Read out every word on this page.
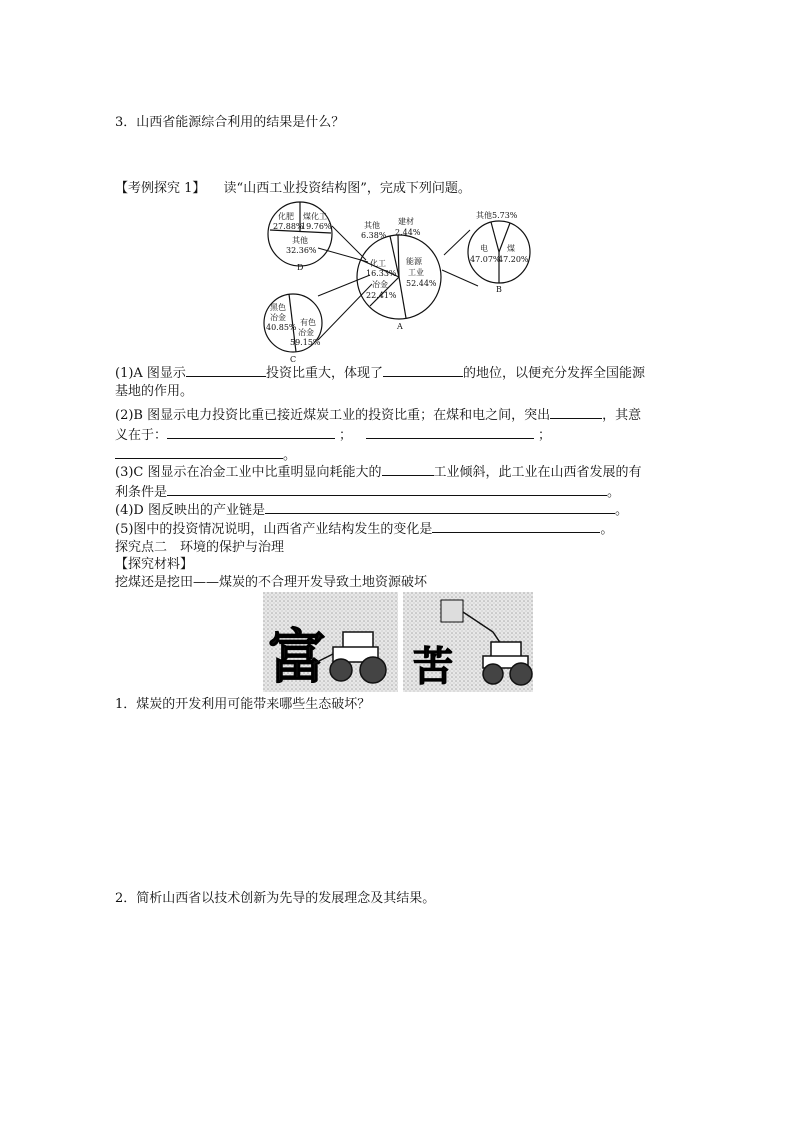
3．山西省能源综合利用的结果是什么？
【考例探究 1】 读“山西工业投资结构图”，完成下列问题。
能源
工业
52.44%
化工
16.33%
冶金
22.41%
其他
6.38%
建材
2.44%
A
其他5.73%
电
47.07%
煤
47.20%
B
黑色
冶金
40.85%
有色
冶金
59.15%
C
化肥
27.88%
煤化工
19.76%
其他
32.36%
D
(1)A 图显示	投资比重大，体现了	的地位，以便充分发挥全国能源
基地的作用。
(2)B 图显示电力投资比重已接近煤炭工业的投资比重；在煤和电之间，突出	，其意
义在于：	；	；
。
(3)C 图显示在冶金工业中比重明显向耗能大的	工业倾斜，此工业在山西省发展的有
利条件是	。
(4)D 图反映出的产业链是	。
(5)图中的投资情况说明，山西省产业结构发生的变化是	。
探究点二　环境的保护与治理
【探究材料】
挖煤还是挖田——煤炭的不合理开发导致土地资源破坏
富 苦
1．煤炭的开发利用可能带来哪些生态破坏？
2．简析山西省以技术创新为先导的发展理念及其结果。
